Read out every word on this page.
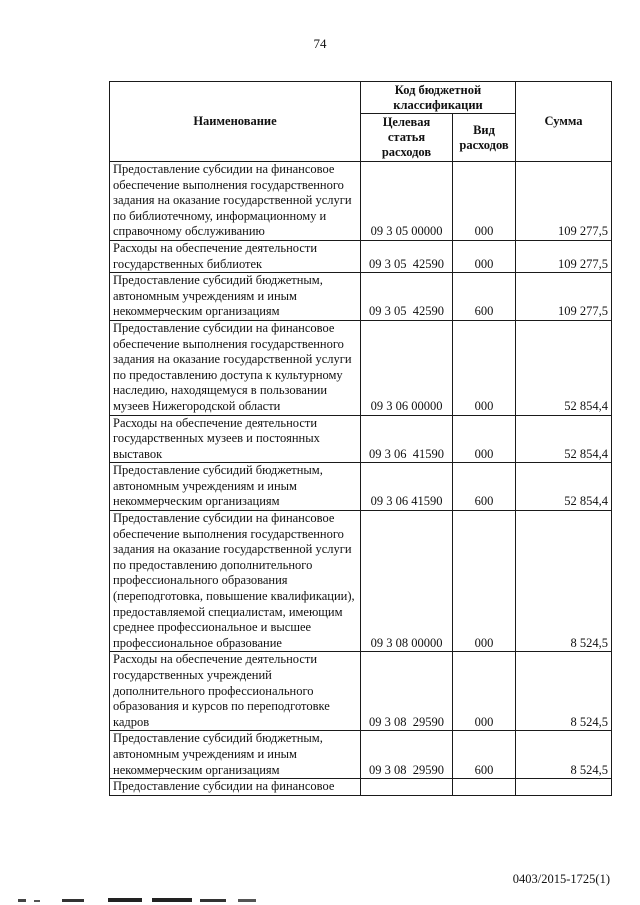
74
Наименование	Код бюджетной классификации		Сумма
	Целевая статья расходов	Вид расходов	
Предоставление субсидии на финансовое обеспечение выполнения государственного задания на оказание государственной услуги по библиотечному, информационному и справочному обслуживанию	09 3 05 00000	000	109 277,5
Расходы на обеспечение деятельности государственных библиотек	09 3 05  42590	000	109 277,5
Предоставление субсидий бюджетным, автономным учреждениям и иным некоммерческим организациям	09 3 05  42590	600	109 277,5
Предоставление субсидии на финансовое обеспечение выполнения государственного задания на оказание государственной услуги по предоставлению доступа к культурному наследию, находящемуся в пользовании музеев Нижегородской области	09 3 06 00000	000	52 854,4
Расходы на обеспечение деятельности государственных музеев и постоянных выставок	09 3 06  41590	000	52 854,4
Предоставление субсидий бюджетным, автономным учреждениям и иным некоммерческим организациям	09 3 06 41590	600	52 854,4
Предоставление субсидии на финансовое обеспечение выполнения государственного задания на оказание государственной услуги по предоставлению дополнительного профессионального образования (переподготовка, повышение квалификации), предоставляемой специалистам, имеющим среднее профессиональное и высшее профессиональное образование	09 3 08 00000	000	8 524,5
Расходы на обеспечение деятельности государственных учреждений дополнительного профессионального образования и курсов по переподготовке кадров	09 3 08  29590	000	8 524,5
Предоставление субсидий бюджетным, автономным учреждениям и иным некоммерческим организациям	09 3 08  29590	600	8 524,5
Предоставление субсидии на финансовое			
0403/2015-1725(1)
